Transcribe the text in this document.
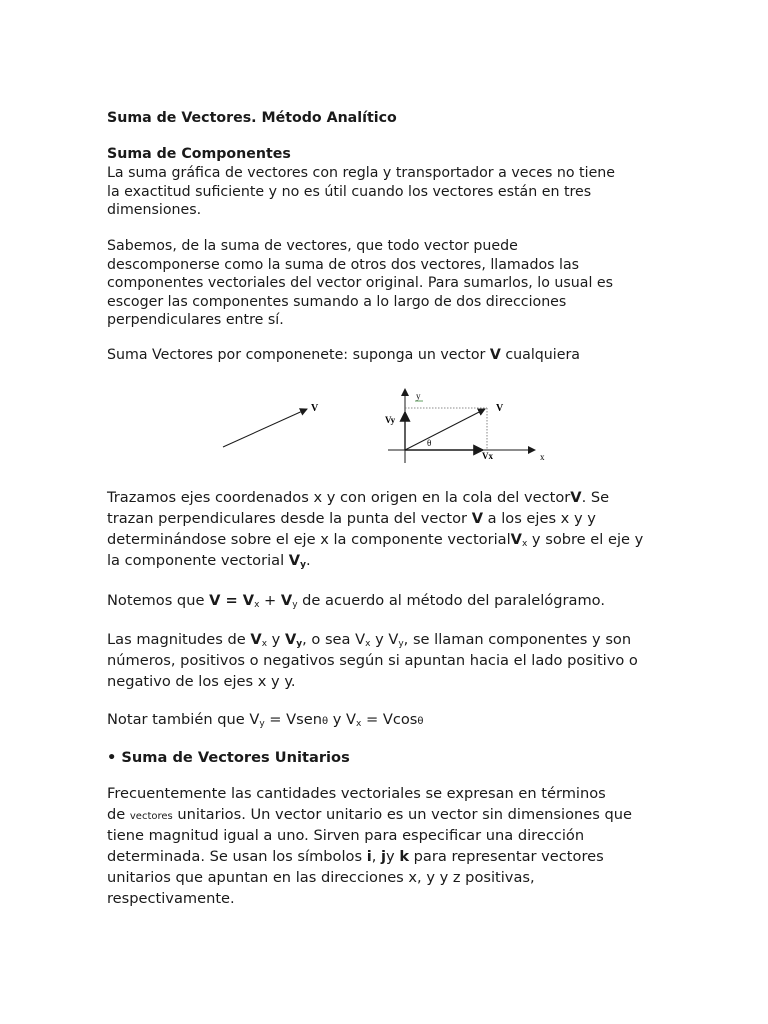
Suma de Vectores. Método Analítico
Suma de Componentes
La suma gráfica de vectores con regla y transportador a veces no tiene
la exactitud suficiente y no es útil cuando los vectores están en tres
dimensiones.
Sabemos, de la suma de vectores, que todo vector puede
descomponerse como la suma de otros dos vectores, llamados las
componentes vectoriales del vector original. Para sumarlos, lo usual es
escoger las componentes sumando a lo largo de dos direcciones
perpendiculares entre sí.
Suma Vectores por componenete: suponga un vector V cualquiera
Trazamos ejes coordenados x y con origen en la cola del vectorV. Se
trazan perpendiculares desde la punta del vector V a los ejes x y y
determinándose sobre el eje x la componente vectorialV$_x$ y sobre el eje y
la componente vectorial $V_y$.
Notemos que $V = V_x + V_y$ de acuerdo al método del paralelógramo.
Las magnitudes de $V_x$ y $V_y$, o sea $V_x$ y $V_y$, se llaman componentes y son
números, positivos o negativos según si apuntan hacia el lado positivo o
negativo de los ejes x y y.
Notar también que $V_y$ = Vsenθ y $V_x = Vcos\theta$
• Suma de Vectores Unitarios
Frecuentemente las cantidades vectoriales se expresan en términos
de vectores unitarios. Un vector unitario es un vector sin dimensiones que
tiene magnitud igual a uno. Sirven para especificar una dirección
determinada. Se usan los símbolos i, jy k para representar vectores
unitarios que apuntan en las direcciones x, y y z positivas,
respectivamente.
V
y
V
Vy
θ
Vx	x
